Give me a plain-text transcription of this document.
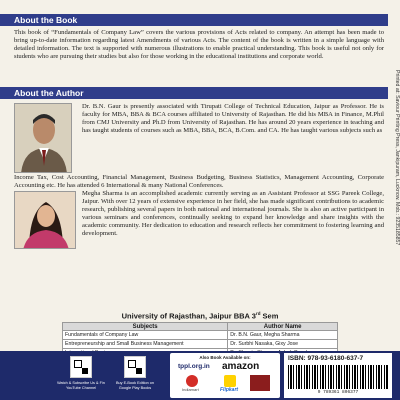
About the Book

This book of “Fundamentals of Company Law” covers the various provisions of Acts related to company. An attempt has been made to bring up-to-date information regarding latest Amendments of various Acts. The content of the book is written in a simple language with detailed information. The text is supported with numerous illustrations to enable practical understanding. This book is useful not only for students who are pursuing their studies but also for those working in the educational institutions and corporate world.

About the Author

Dr. B.N. Gaur is presently associated with Tirupati College of Technical Education, Jaipur as Professor. He is faculty for MBA, BBA & BCA courses affiliated to University of Rajasthan. He did his MBA in Finance, M.Phil from CMJ University and Ph.D from University of Rajasthan. He has around 20 years experience in teaching and has taught students of courses such as MBA, BBA, BCA, B.Com. and CA. He has taught various subjects such as

Income Tax, Cost Accounting, Financial Management, Business Budgeting, Business Statistics, Management Accounting, Corporate Accounting etc. He has attended 6 International & many National Conferences.

Megha Sharma is an accomplished academic currently serving as an Assistant Professor at SSG Pareek College, Jaipur. With over 12 years of extensive experience in her field, she has made significant contributions to academic research, publishing several papers in both national and international journals. She is also an active participant in various seminars and conferences, continually seeking to expand her knowledge and share insights with the academic community. Her dedication to education and research reflects her commitment to fostering learning and development.

University of Rajasthan, Jaipur BBA 3rd Sem
Subjects	Author Name
Fundamentals of Company Law	Dr. B.N. Gaur, Megha Sharma
Entrepreneurship and Small Business Management	Dr. Surbhi Nasaka, Gixy Jose

Watch & Subscribe Us & Fin YouTube Channel
Buy E-Book Edition on Google Play Books
Also Book Available on:
tppl.org.in amazon
Indiamart	Flipkart
ISBN: 978-93-6180-637-7
9 789361 806377
Printed at: Saviour Printing Press, Jankipuram, Lucknow. Mob.: 9235185857
